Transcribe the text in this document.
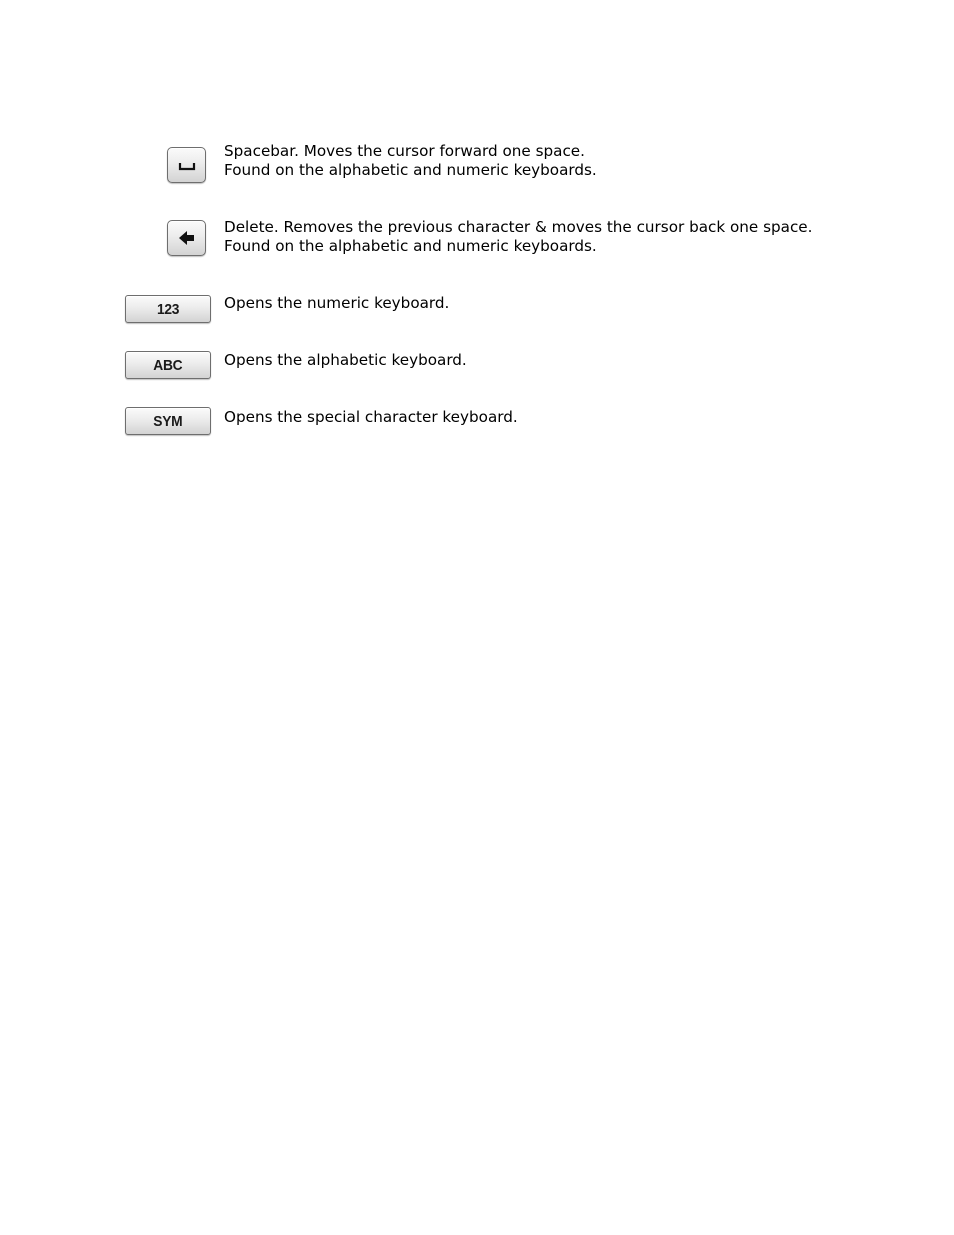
Spacebar. Moves the cursor forward one space.
Found on the alphabetic and numeric keyboards.
Delete. Removes the previous character & moves the cursor back one space.
Found on the alphabetic and numeric keyboards.
123	Opens the numeric keyboard.
ABC	Opens the alphabetic keyboard.
SYM	Opens the special character keyboard.
